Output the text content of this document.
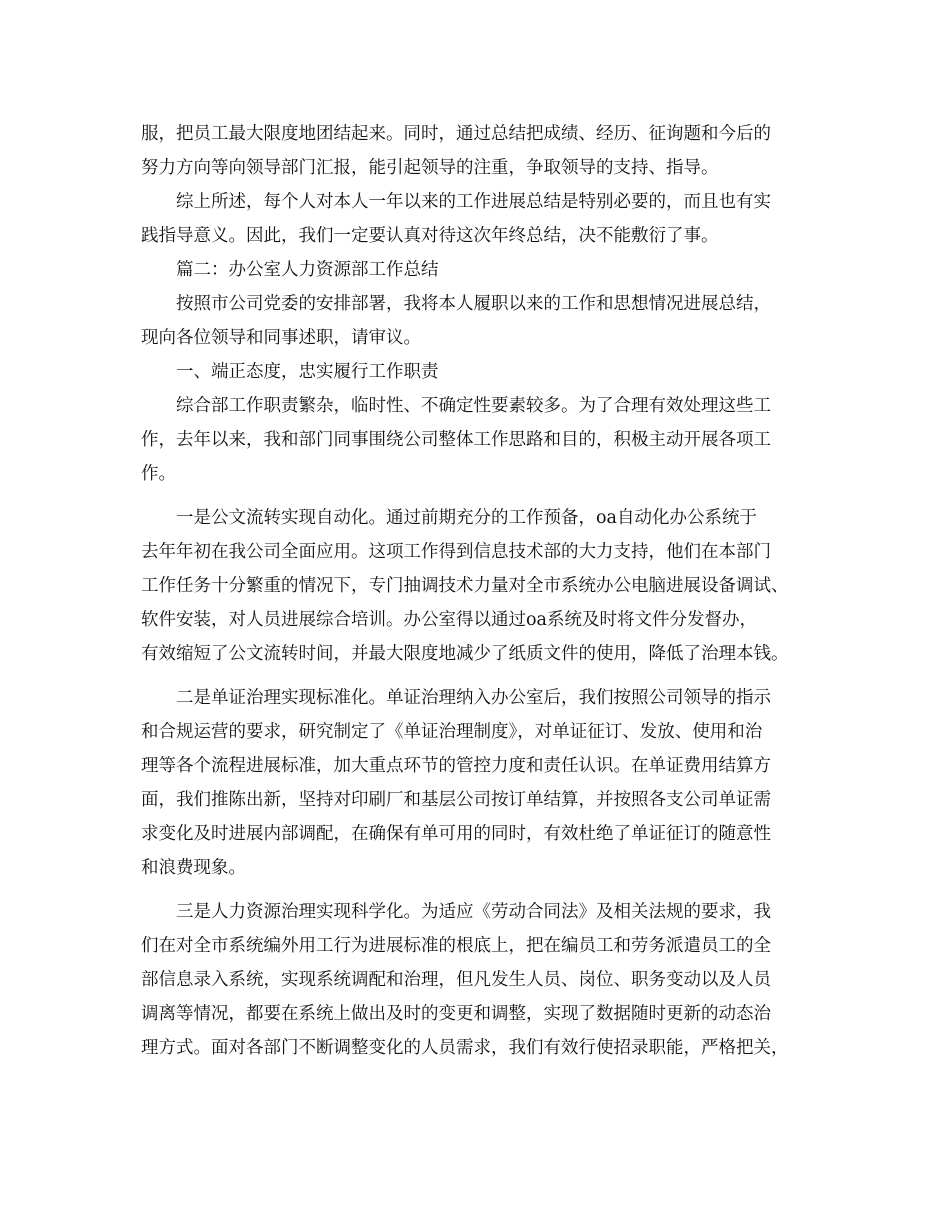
服，把员工最大限度地团结起来。同时，通过总结把成绩、经历、征询题和今后的
努力方向等向领导部门汇报，能引起领导的注重，争取领导的支持、指导。
综上所述，每个人对本人一年以来的工作进展总结是特别必要的，而且也有实
践指导意义。因此，我们一定要认真对待这次年终总结，决不能敷衍了事。
篇二：办公室人力资源部工作总结
按照市公司党委的安排部署，我将本人履职以来的工作和思想情况进展总结，
现向各位领导和同事述职，请审议。
一、端正态度，忠实履行工作职责
综合部工作职责繁杂，临时性、不确定性要素较多。为了合理有效处理这些工
作，去年以来，我和部门同事围绕公司整体工作思路和目的，积极主动开展各项工
作。
一是公文流转实现自动化。通过前期充分的工作预备，oa自动化办公系统于
去年年初在我公司全面应用。这项工作得到信息技术部的大力支持，他们在本部门
工作任务十分繁重的情况下，专门抽调技术力量对全市系统办公电脑进展设备调试、
软件安装，对人员进展综合培训。办公室得以通过oa系统及时将文件分发督办，
有效缩短了公文流转时间，并最大限度地减少了纸质文件的使用，降低了治理本钱。
二是单证治理实现标准化。单证治理纳入办公室后，我们按照公司领导的指示
和合规运营的要求，研究制定了《单证治理制度》，对单证征订、发放、使用和治
理等各个流程进展标准，加大重点环节的管控力度和责任认识。在单证费用结算方
面，我们推陈出新，坚持对印刷厂和基层公司按订单结算，并按照各支公司单证需
求变化及时进展内部调配，在确保有单可用的同时，有效杜绝了单证征订的随意性
和浪费现象。
三是人力资源治理实现科学化。为适应《劳动合同法》及相关法规的要求，我
们在对全市系统编外用工行为进展标准的根底上，把在编员工和劳务派遣员工的全
部信息录入系统，实现系统调配和治理，但凡发生人员、岗位、职务变动以及人员
调离等情况，都要在系统上做出及时的变更和调整，实现了数据随时更新的动态治
理方式。面对各部门不断调整变化的人员需求，我们有效行使招录职能，严格把关，
